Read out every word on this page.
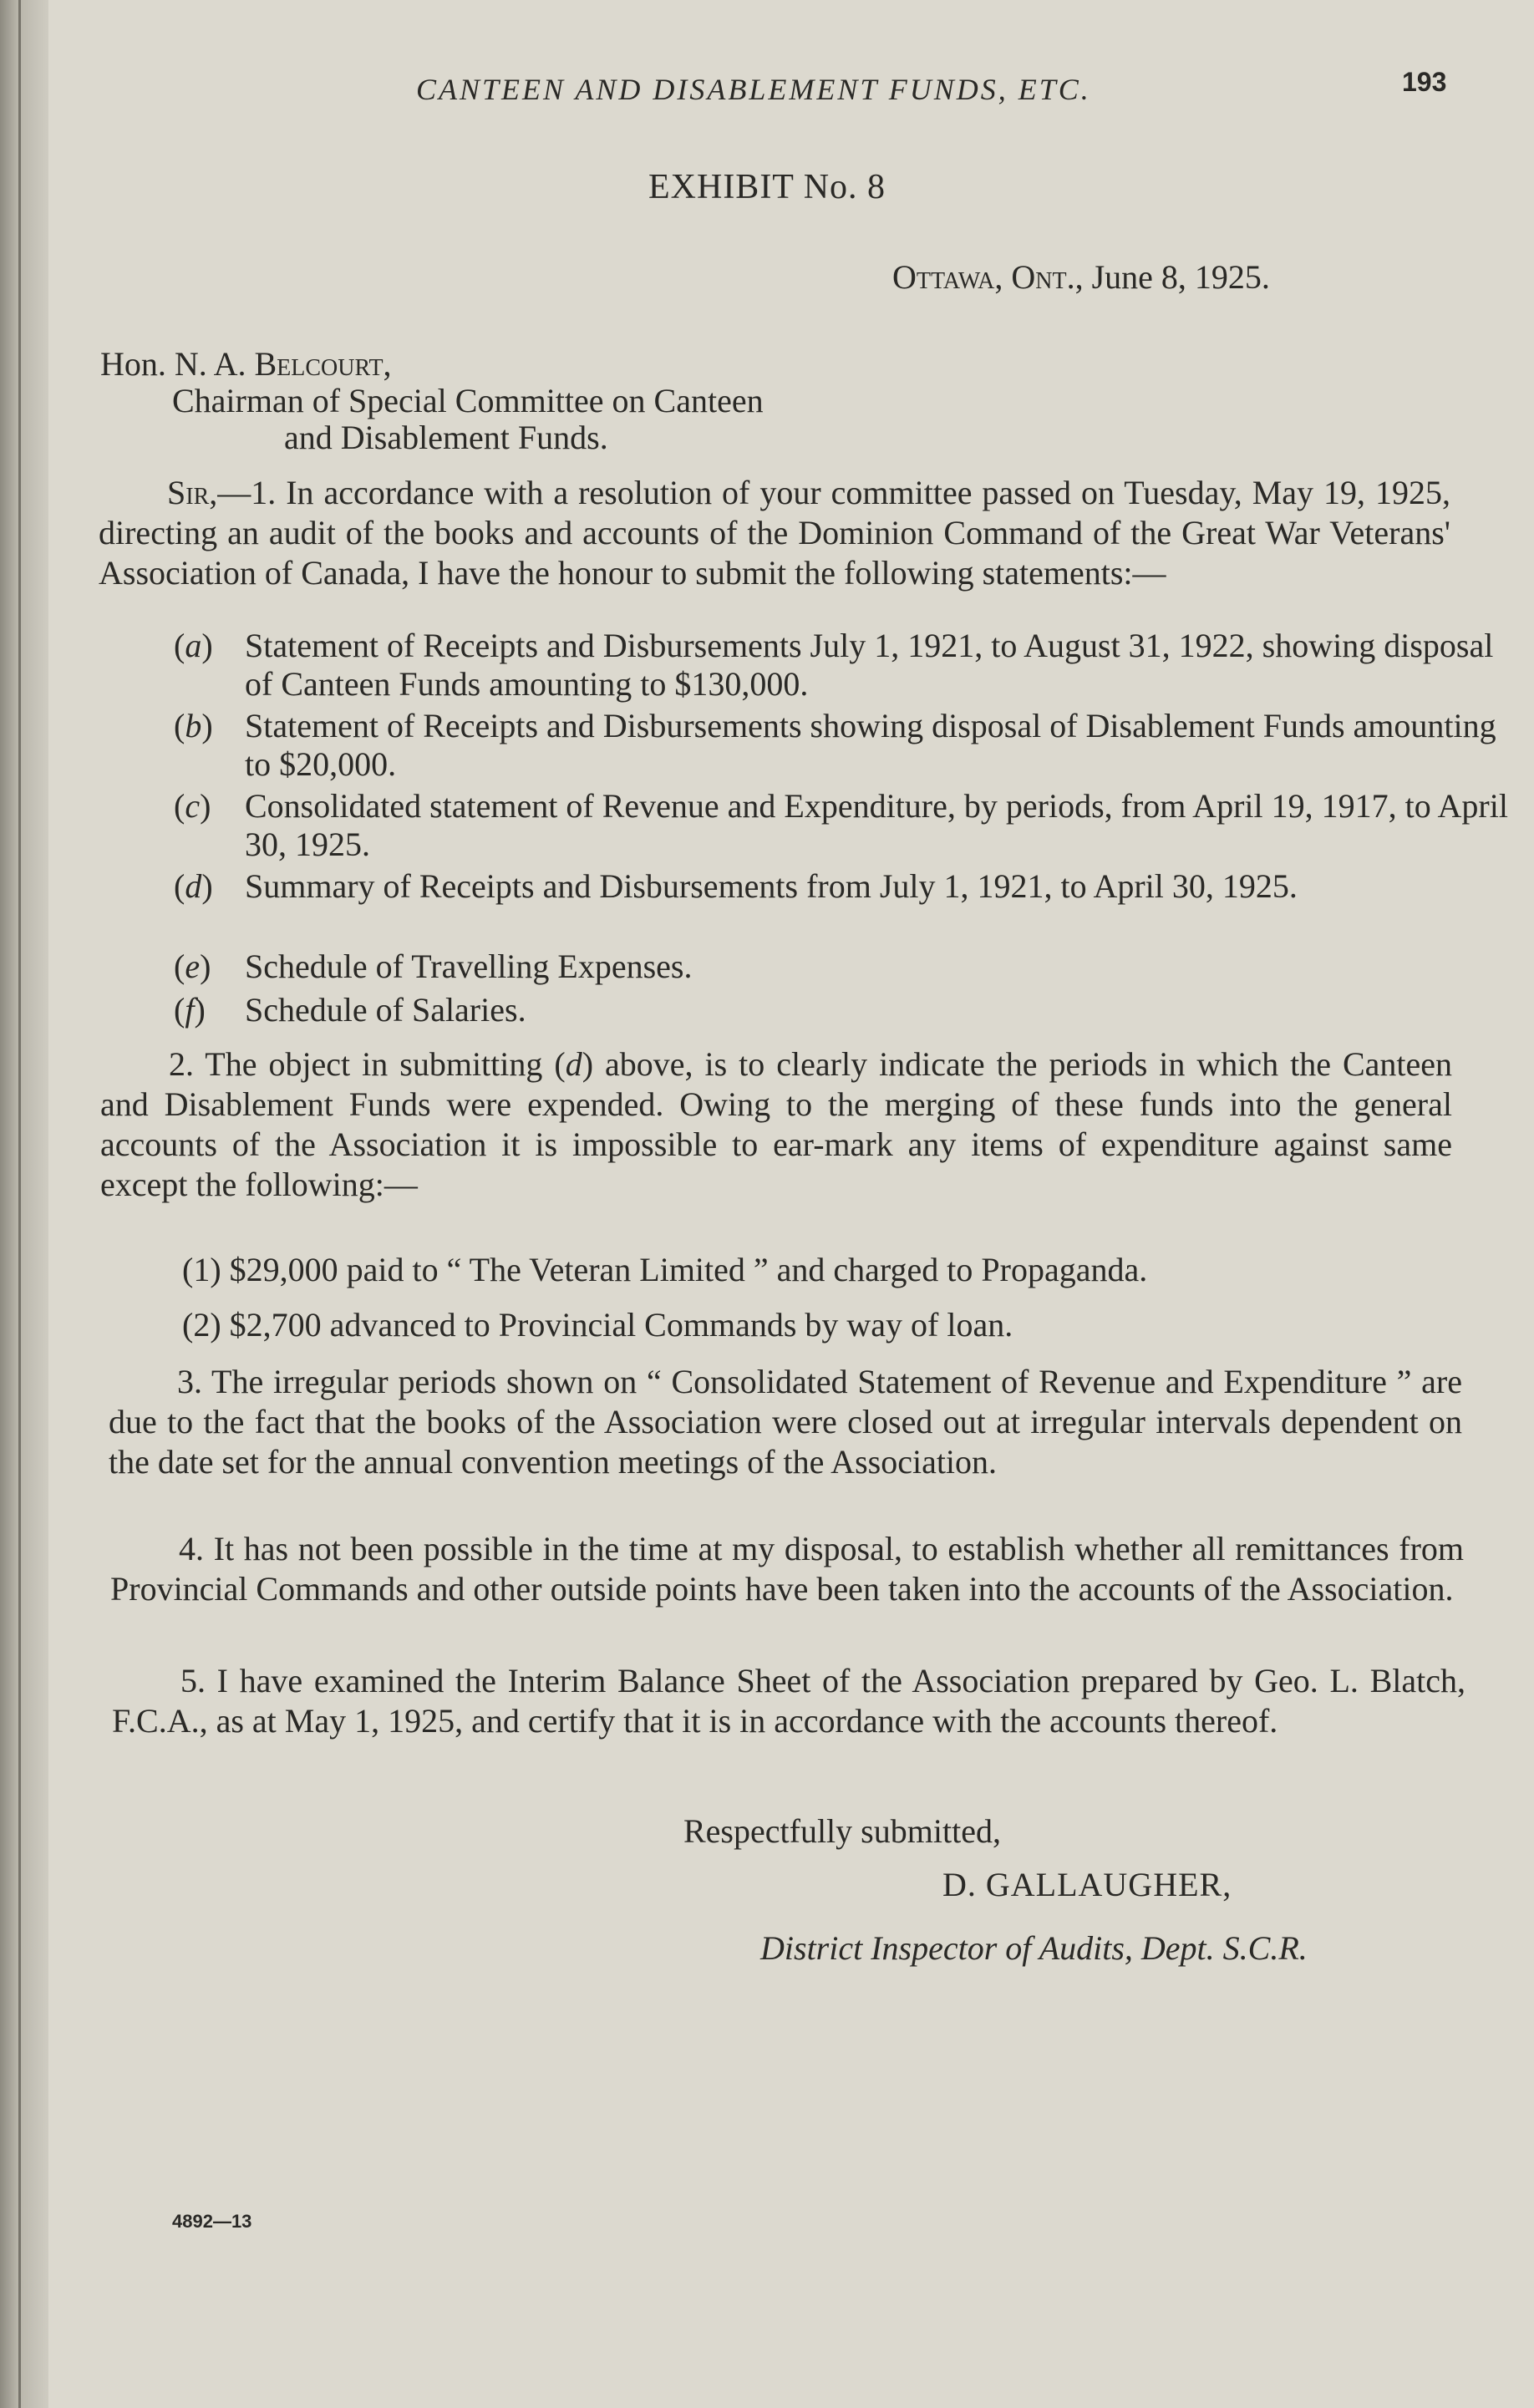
CANTEEN AND DISABLEMENT FUNDS, ETC.	193

EXHIBIT No. 8

Ottawa, Ont., June 8, 1925.

Hon. N. A. Belcourt,

Chairman of Special Committee on Canteen

and Disablement Funds.

Sir,—1. In accordance with a resolution of your committee passed on Tuesday, May 19, 1925, directing an audit of the books and accounts of the Dominion Command of the Great War Veterans' Association of Canada, I have the honour to submit the following statements:—

(a) Statement of Receipts and Disbursements July 1, 1921, to August 31, 1922, showing disposal of Canteen Funds amounting to $130,000.

(b) Statement of Receipts and Disbursements showing disposal of Disablement Funds amounting to $20,000.

(c) Consolidated statement of Revenue and Expenditure, by periods, from April 19, 1917, to April 30, 1925.

(d) Summary of Receipts and Disbursements from July 1, 1921, to April 30, 1925.

(e) Schedule of Travelling Expenses.

(f) Schedule of Salaries.

2. The object in submitting (d) above, is to clearly indicate the periods in which the Canteen and Disablement Funds were expended. Owing to the merging of these funds into the general accounts of the Association it is impossible to ear-mark any items of expenditure against same except the following:—

(1) $29,000 paid to “ The Veteran Limited ” and charged to Propaganda.

(2) $2,700 advanced to Provincial Commands by way of loan.

3. The irregular periods shown on “ Consolidated Statement of Revenue and Expenditure ” are due to the fact that the books of the Association were closed out at irregular intervals dependent on the date set for the annual convention meetings of the Association.

4. It has not been possible in the time at my disposal, to establish whether all remittances from Provincial Commands and other outside points have been taken into the accounts of the Association.

5. I have examined the Interim Balance Sheet of the Association prepared by Geo. L. Blatch, F.C.A., as at May 1, 1925, and certify that it is in accordance with the accounts thereof.

Respectfully submitted,

D. GALLAUGHER,

District Inspector of Audits, Dept. S.C.R.

4892—13
